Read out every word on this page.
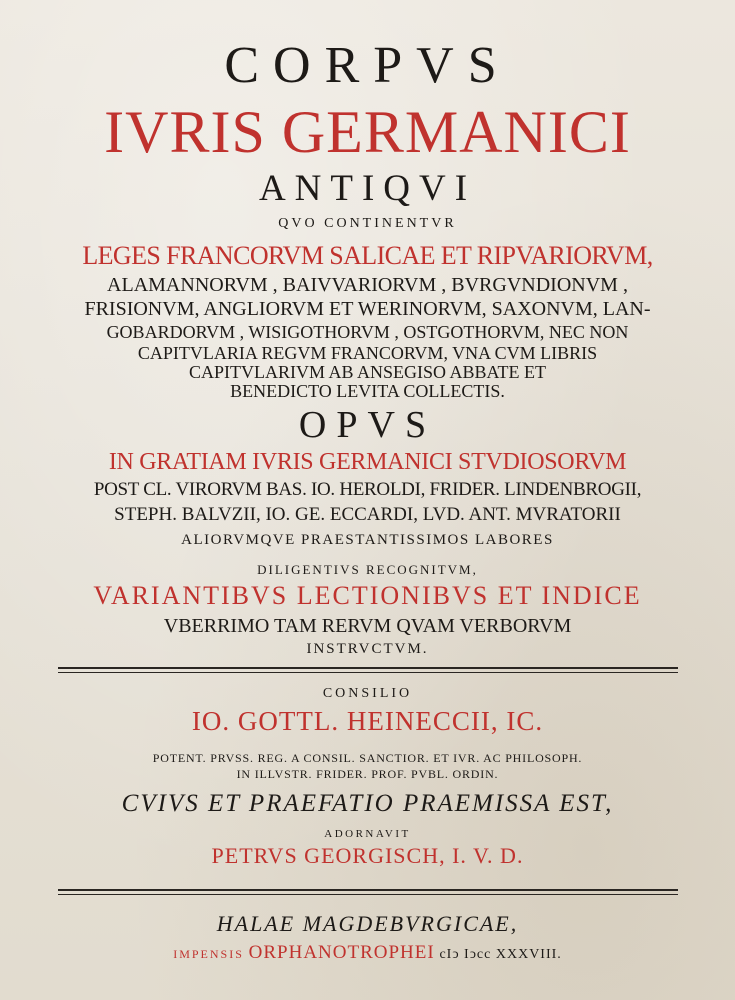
CORPVS
IVRIS GERMANICI
ANTIQVI
QVO CONTINENTVR
LEGES FRANCORVM SALICAE ET RIPVARIORVM,
ALAMANNORVM , BAIVVARIORVM , BVRGVNDIONVM ,
FRISIONVM, ANGLIORVM ET WERINORVM, SAXONVM, LAN-
GOBARDORVM , WISIGOTHORVM , OSTGOTHORVM, NEC NON
CAPITVLARIA REGVM FRANCORVM, VNA CVM LIBRIS
CAPITVLARIVM AB ANSEGISO ABBATE ET
BENEDICTO LEVITA COLLECTIS.
OPVS
IN GRATIAM IVRIS GERMANICI STVDIOSORVM
POST CL. VIRORVM BAS. IO. HEROLDI, FRIDER. LINDENBROGII,
STEPH. BALVZII, IO. GE. ECCARDI, LVD. ANT. MVRATORII
ALIORVMQVE PRAESTANTISSIMOS LABORES
DILIGENTIVS RECOGNITVM,
VARIANTIBVS LECTIONIBVS ET INDICE
VBERRIMO TAM RERVM QVAM VERBORVM
INSTRVCTVM.
CONSILIO
IO. GOTTL. HEINECCII, IC.
POTENT. PRVSS. REG. A CONSIL. SANCTIOR. ET IVR. AC PHILOSOPH.
IN ILLVSTR. FRIDER. PROF. PVBL. ORDIN.
CVIVS ET PRAEFATIO PRAEMISSA EST,
ADORNAVIT
PETRVS GEORGISCH, I. V. D.
HALAE MAGDEBVRGICAE,
IMPENSIS ORPHANOTROPHEI cIↄ Iↄcc XXXVIII.
